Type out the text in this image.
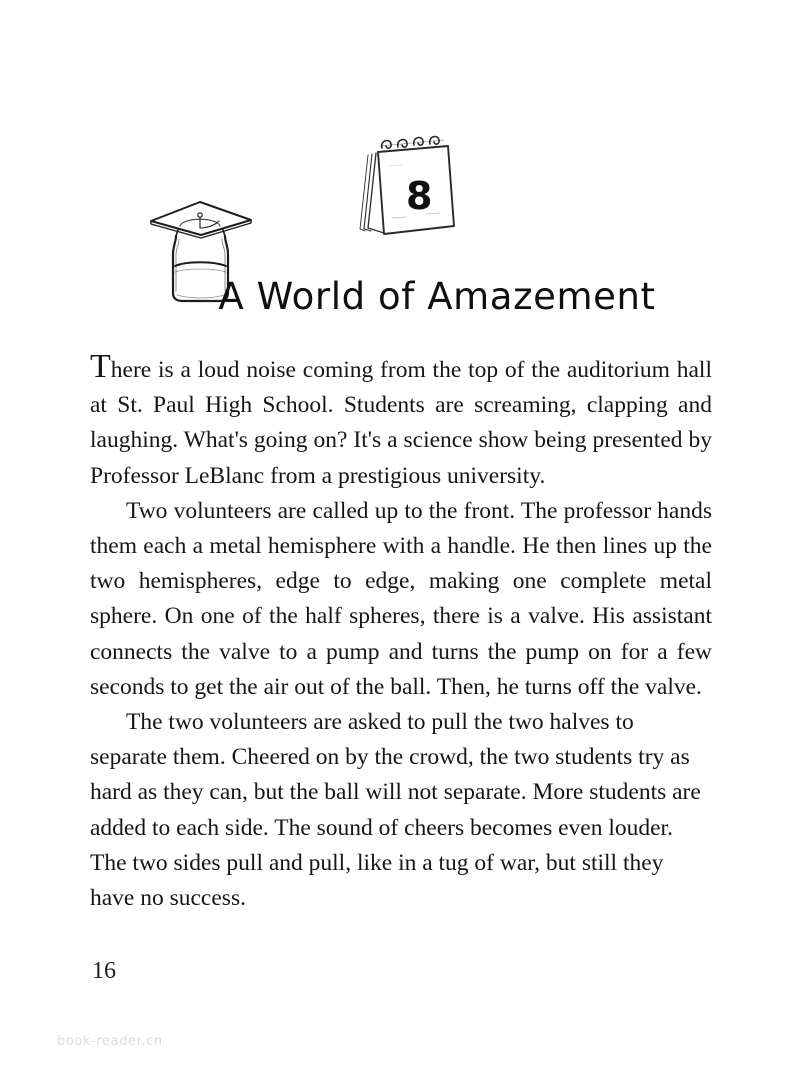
8
A World of Amazement

There is a loud noise coming from the top of the auditorium hall at St. Paul High School. Students are screaming, clapping and laughing. What's going on? It's a science show being presented by Professor LeBlanc from a prestigious university.

Two volunteers are called up to the front. The professor hands them each a metal hemisphere with a handle. He then lines up the two hemispheres, edge to edge, making one complete metal sphere. On one of the half spheres, there is a valve. His assistant connects the valve to a pump and turns the pump on for a few seconds to get the air out of the ball. Then, he turns off the valve.

The two volunteers are asked to pull the two halves to separate them. Cheered on by the crowd, the two students try as hard as they can, but the ball will not separate. More students are added to each side. The sound of cheers becomes even louder. The two sides pull and pull, like in a tug of war, but still they have no success.

16
book-reader.cn
